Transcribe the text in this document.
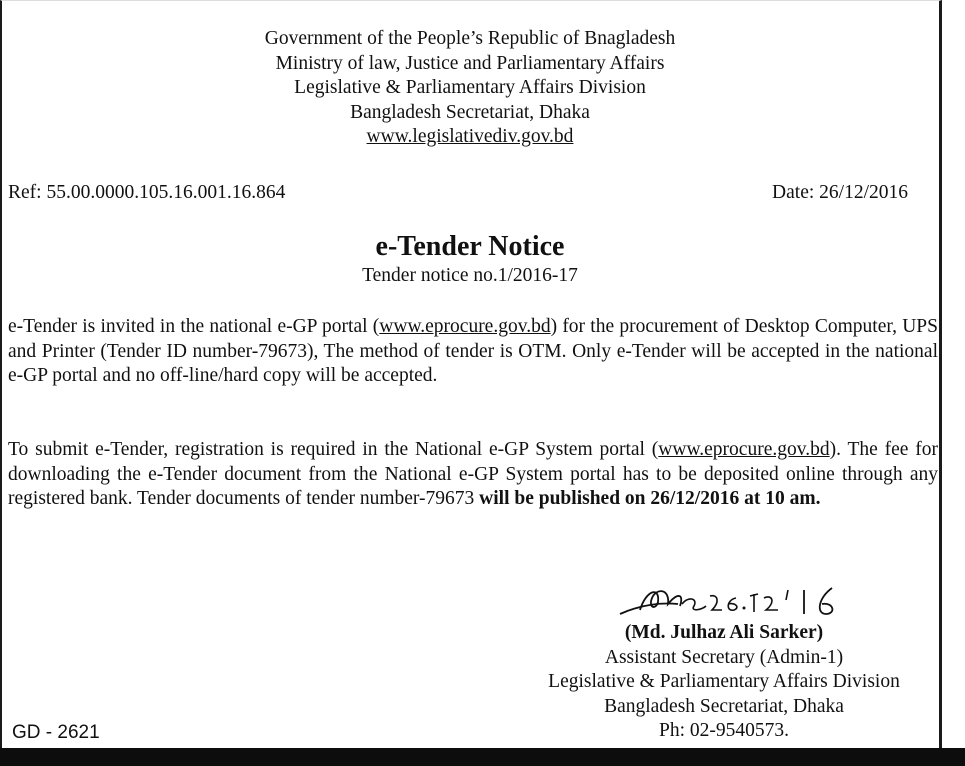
Government of the People’s Republic of Bnagladesh
Ministry of law, Justice and Parliamentary Affairs
Legislative & Parliamentary Affairs Division
Bangladesh Secretariat, Dhaka
www.legislativediv.gov.bd
Ref: 55.00.0000.105.16.001.16.864	Date: 26/12/2016
e-Tender Notice
Tender notice no.1/2016-17
e-Tender is invited in the national e-GP portal (www.eprocure.gov.bd) for the procurement of Desktop Computer, UPS and Printer (Tender ID number-79673), The method of tender is OTM. Only e-Tender will be accepted in the national e-GP portal and no off-line/hard copy will be accepted.
To submit e-Tender, registration is required in the National e-GP System portal (www.eprocure.gov.bd). The fee for downloading the e-Tender document from the National e-GP System portal has to be deposited online through any registered bank. Tender documents of tender number-79673 will be published on 26/12/2016 at 10 am.
(Md. Julhaz Ali Sarker)
Assistant Secretary (Admin-1)
Legislative & Parliamentary Affairs Division
Bangladesh Secretariat, Dhaka
Ph: 02-9540573.
GD - 2621
